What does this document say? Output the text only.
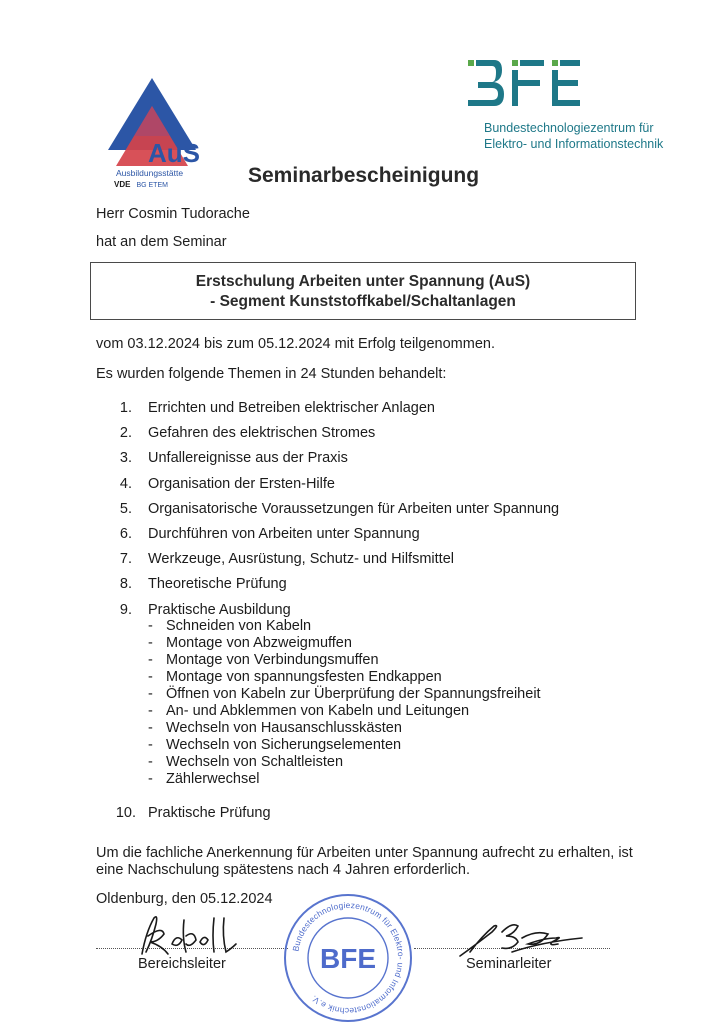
AuS
Ausbildungsstätte
VDE BG ETEM
Bundestechnologiezentrum für
Elektro- und Informationstechnik
Seminarbescheinigung
Herr Cosmin Tudorache
hat an dem Seminar
Erstschulung Arbeiten unter Spannung (AuS)
- Segment Kunststoffkabel/Schaltanlagen
vom 03.12.2024 bis zum 05.12.2024 mit Erfolg teilgenommen.
Es wurden folgende Themen in 24 Stunden behandelt:
1. Errichten und Betreiben elektrischer Anlagen
2. Gefahren des elektrischen Stromes
3. Unfallereignisse aus der Praxis
4. Organisation der Ersten-Hilfe
5. Organisatorische Voraussetzungen für Arbeiten unter Spannung
6. Durchführen von Arbeiten unter Spannung
7. Werkzeuge, Ausrüstung, Schutz- und Hilfsmittel
8. Theoretische Prüfung
9. Praktische Ausbildung
- Schneiden von Kabeln
- Montage von Abzweigmuffen
- Montage von Verbindungsmuffen
- Montage von spannungsfesten Endkappen
- Öffnen von Kabeln zur Überprüfung der Spannungsfreiheit
- An- und Abklemmen von Kabeln und Leitungen
- Wechseln von Hausanschlusskästen
- Wechseln von Sicherungselementen
- Wechseln von Schaltleisten
- Zählerwechsel
10. Praktische Prüfung
Um die fachliche Anerkennung für Arbeiten unter Spannung aufrecht zu erhalten, ist
eine Nachschulung spätestens nach 4 Jahren erforderlich.
Oldenburg, den 05.12.2024
Bereichsleiter	Seminarleiter
Bundestechnologiezentrum für Elektro- und Informationstechnik e.V.
BFE
